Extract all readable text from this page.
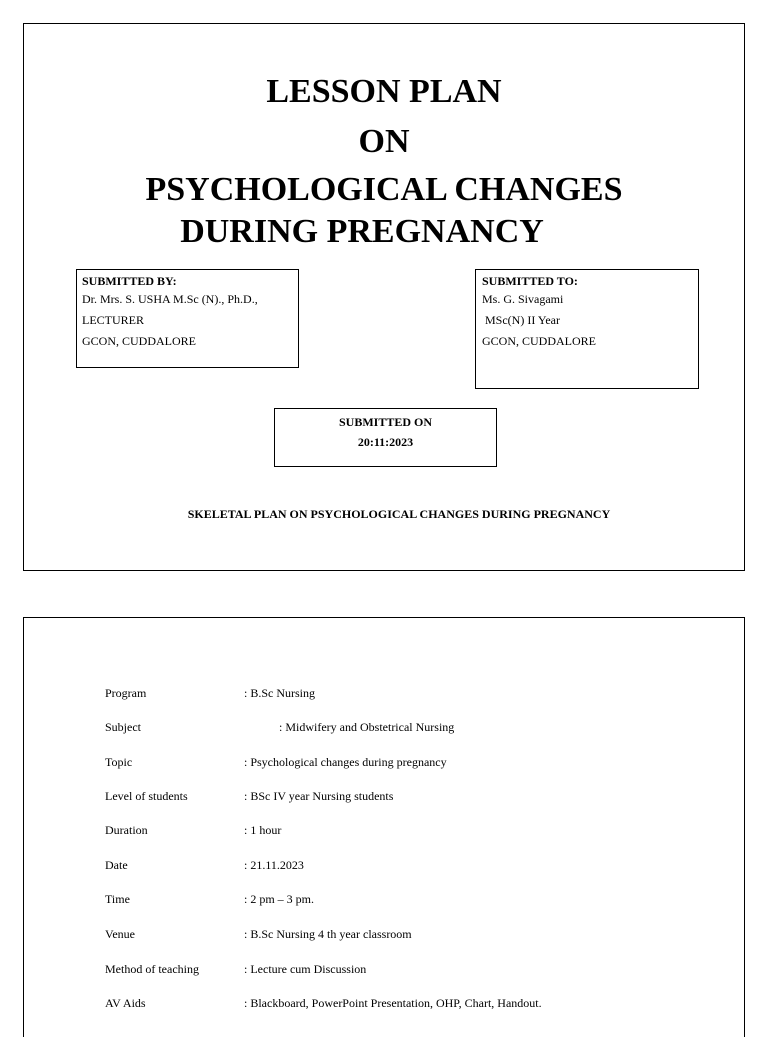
LESSON PLAN
ON
PSYCHOLOGICAL CHANGES
DURING PREGNANCY
SUBMITTED BY:
Dr. Mrs. S. USHA M.Sc (N)., Ph.D.,
LECTURER
GCON, CUDDALORE
SUBMITTED TO:
Ms. G. Sivagami
MSc(N) II Year
GCON, CUDDALORE
SUBMITTED ON
20:11:2023
SKELETAL PLAN ON PSYCHOLOGICAL CHANGES DURING PREGNANCY
Program	: B.Sc Nursing
Subject	: Midwifery and Obstetrical Nursing
Topic	: Psychological changes during pregnancy
Level of students	: BSc IV year Nursing students
Duration	: 1 hour
Date	: 21.11.2023
Time	: 2 pm – 3 pm.
Venue	: B.Sc Nursing 4 th year classroom
Method of teaching	: Lecture cum Discussion
AV Aids	: Blackboard, PowerPoint Presentation, OHP, Chart, Handout.
